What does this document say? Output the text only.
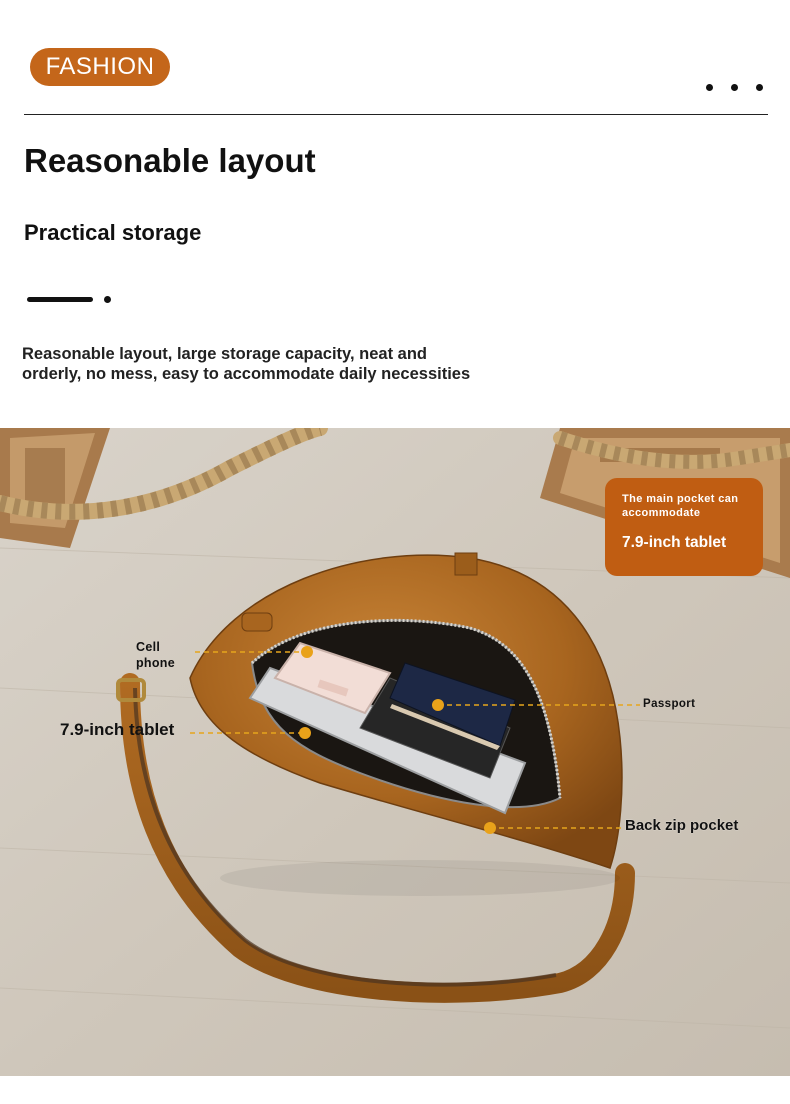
FASHION
Reasonable layout
Practical storage

Reasonable layout, large storage capacity, neat and
orderly, no mess, easy to accommodate daily necessities

The main pocket can
accommodate
7.9-inch tablet
Cell
phone
7.9-inch tablet
Passport
Back zip pocket
